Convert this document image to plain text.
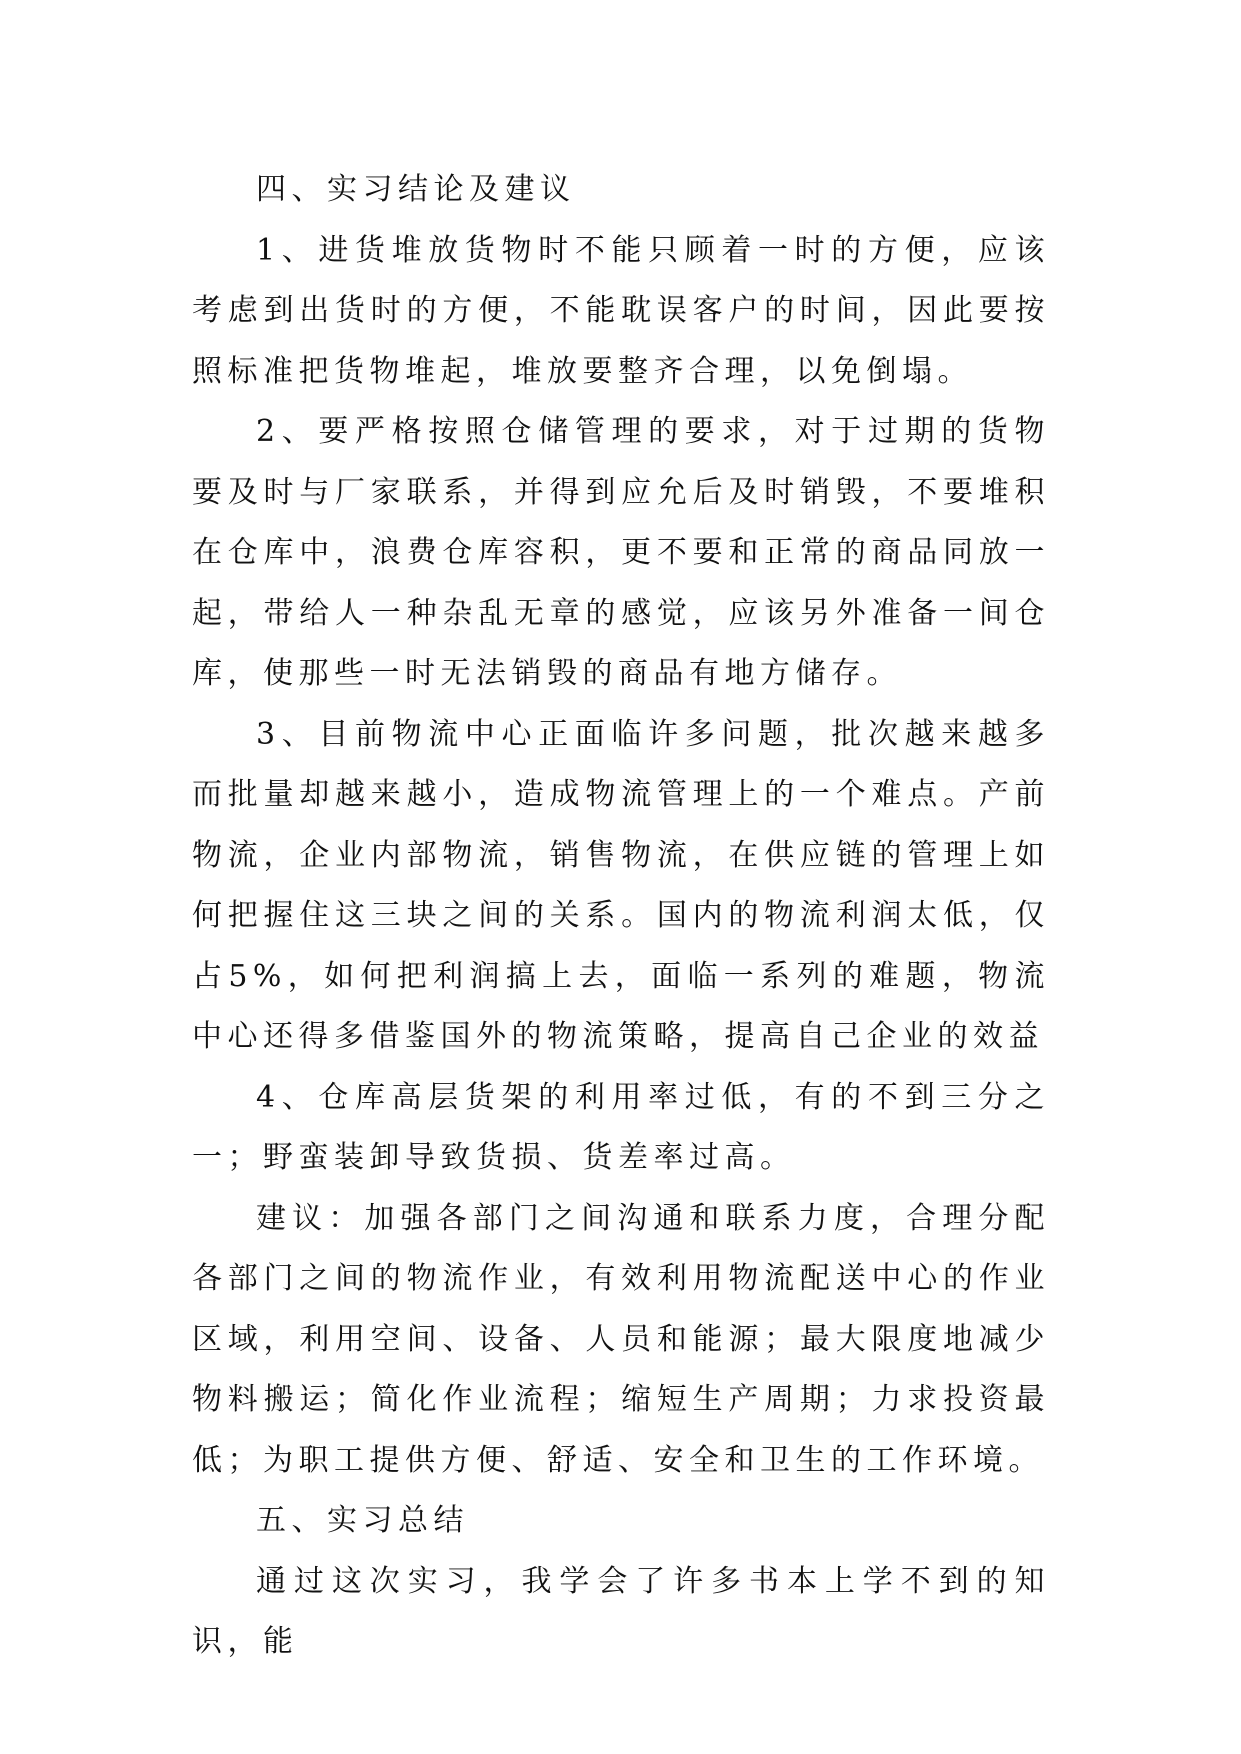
四、实习结论及建议

1、进货堆放货物时不能只顾着一时的方便，应该考虑到出货时的方便，不能耽误客户的时间，因此要按照标准把货物堆起，堆放要整齐合理，以免倒塌。

2、要严格按照仓储管理的要求，对于过期的货物要及时与厂家联系，并得到应允后及时销毁，不要堆积在仓库中，浪费仓库容积，更不要和正常的商品同放一起，带给人一种杂乱无章的感觉，应该另外准备一间仓库，使那些一时无法销毁的商品有地方储存。

3、目前物流中心正面临许多问题，批次越来越多而批量却越来越小，造成物流管理上的一个难点。产前物流，企业内部物流，销售物流，在供应链的管理上如何把握住这三块之间的关系。国内的物流利润太低，仅占5%，如何把利润搞上去，面临一系列的难题，物流中心还得多借鉴国外的物流策略，提高自己企业的效益

4、仓库高层货架的利用率过低，有的不到三分之一；野蛮装卸导致货损、货差率过高。

建议：加强各部门之间沟通和联系力度，合理分配各部门之间的物流作业，有效利用物流配送中心的作业区域，利用空间、设备、人员和能源；最大限度地减少物料搬运；简化作业流程；缩短生产周期；力求投资最低；为职工提供方便、舒适、安全和卫生的工作环境。

五、实习总结

通过这次实习，我学会了许多书本上学不到的知识，能
